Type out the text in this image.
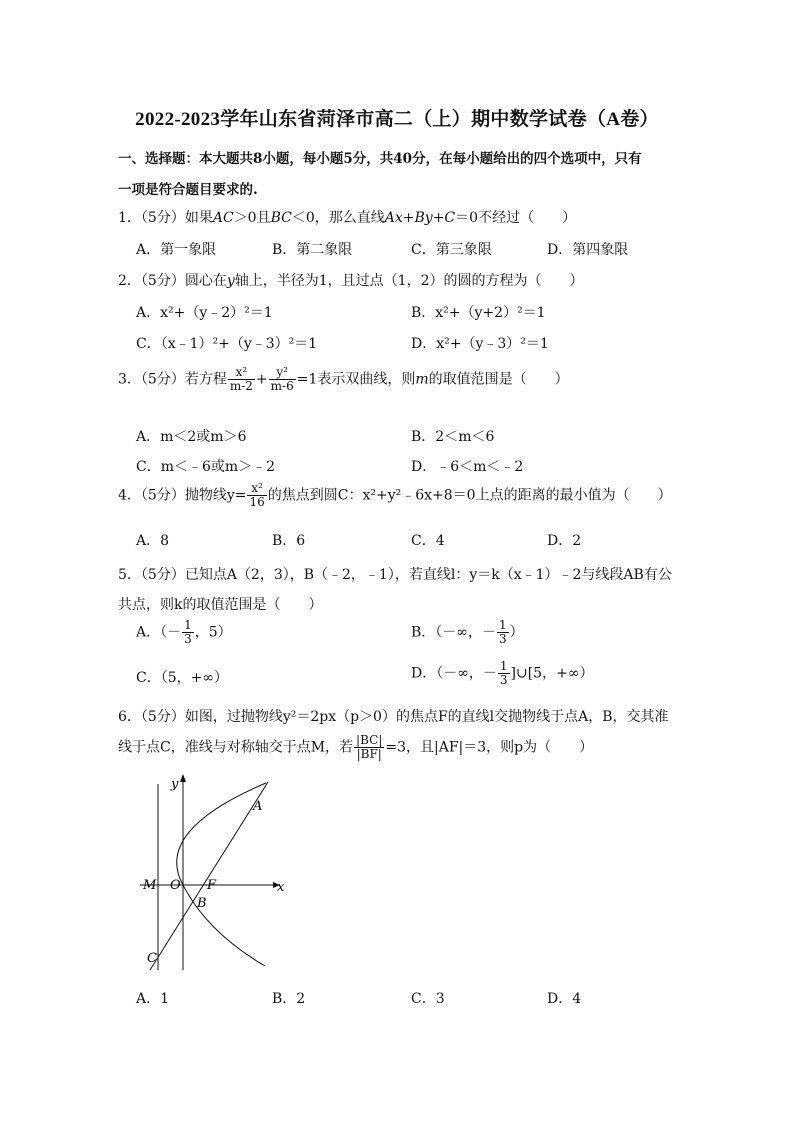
2022-2023学年山东省菏泽市高二（上）期中数学试卷（A卷）
一、选择题：本大题共8小题，每小题5分，共40分，在每小题给出的四个选项中，只有
一项是符合题目要求的.
1．（5分）如果AC＞0且BC＜0，那么直线Ax+By+C＝0不经过（　　）
A．第一象限	B．第二象限	C．第三象限	D．第四象限
2．（5分）圆心在y轴上，半径为1，且过点（1，2）的圆的方程为（　　）
A．x²+（y﹣2）²＝1	B．x²+（y+2）²＝1
C．（x﹣1）²+（y﹣3）²＝1	D．x²+（y﹣3）²＝1
3．（5分）若方程 $\frac{\text{x²}}{m-2} + \frac{\text{y²}}{m-6} =1$表示双曲线，则m的取值范围是（　　）
A．m＜2或m＞6	B．2＜m＜6
C．m＜﹣6或m＞﹣2	D．﹣6＜m＜﹣2
4．（5分）抛物线$y= \frac{\text{x²}}{16}$ 的焦点到圆C：x²+y²﹣6x+8＝0上点的距离的最小值为（　　）
A．8	B．6	C．4	D．2
5．（5分）已知点A（2，3），B（﹣2，﹣1），若直线l：y＝k（x﹣1）﹣2与线段AB有公
共点，则k的取值范围是（　　）
A．（－ $\frac{1}{3}$ ，5）	B．（－∞，－ $\frac{1}{3}$ ）
C．（5，+∞）	D．（－∞，－ $\frac{1}{3}$ ]∪[5，+∞）
6．（5分）如图，过抛物线y²＝2px（p＞0）的焦点F的直线l交抛物线于点A，B，交其准
线于点C，准线与对称轴交于点M，若 $\frac{|BC|}{|BF|} =3$，且|AF|＝3，则p为（　　）
y
x
A
B
C
F
O
M
A．1	B．2	C．3	D．4
